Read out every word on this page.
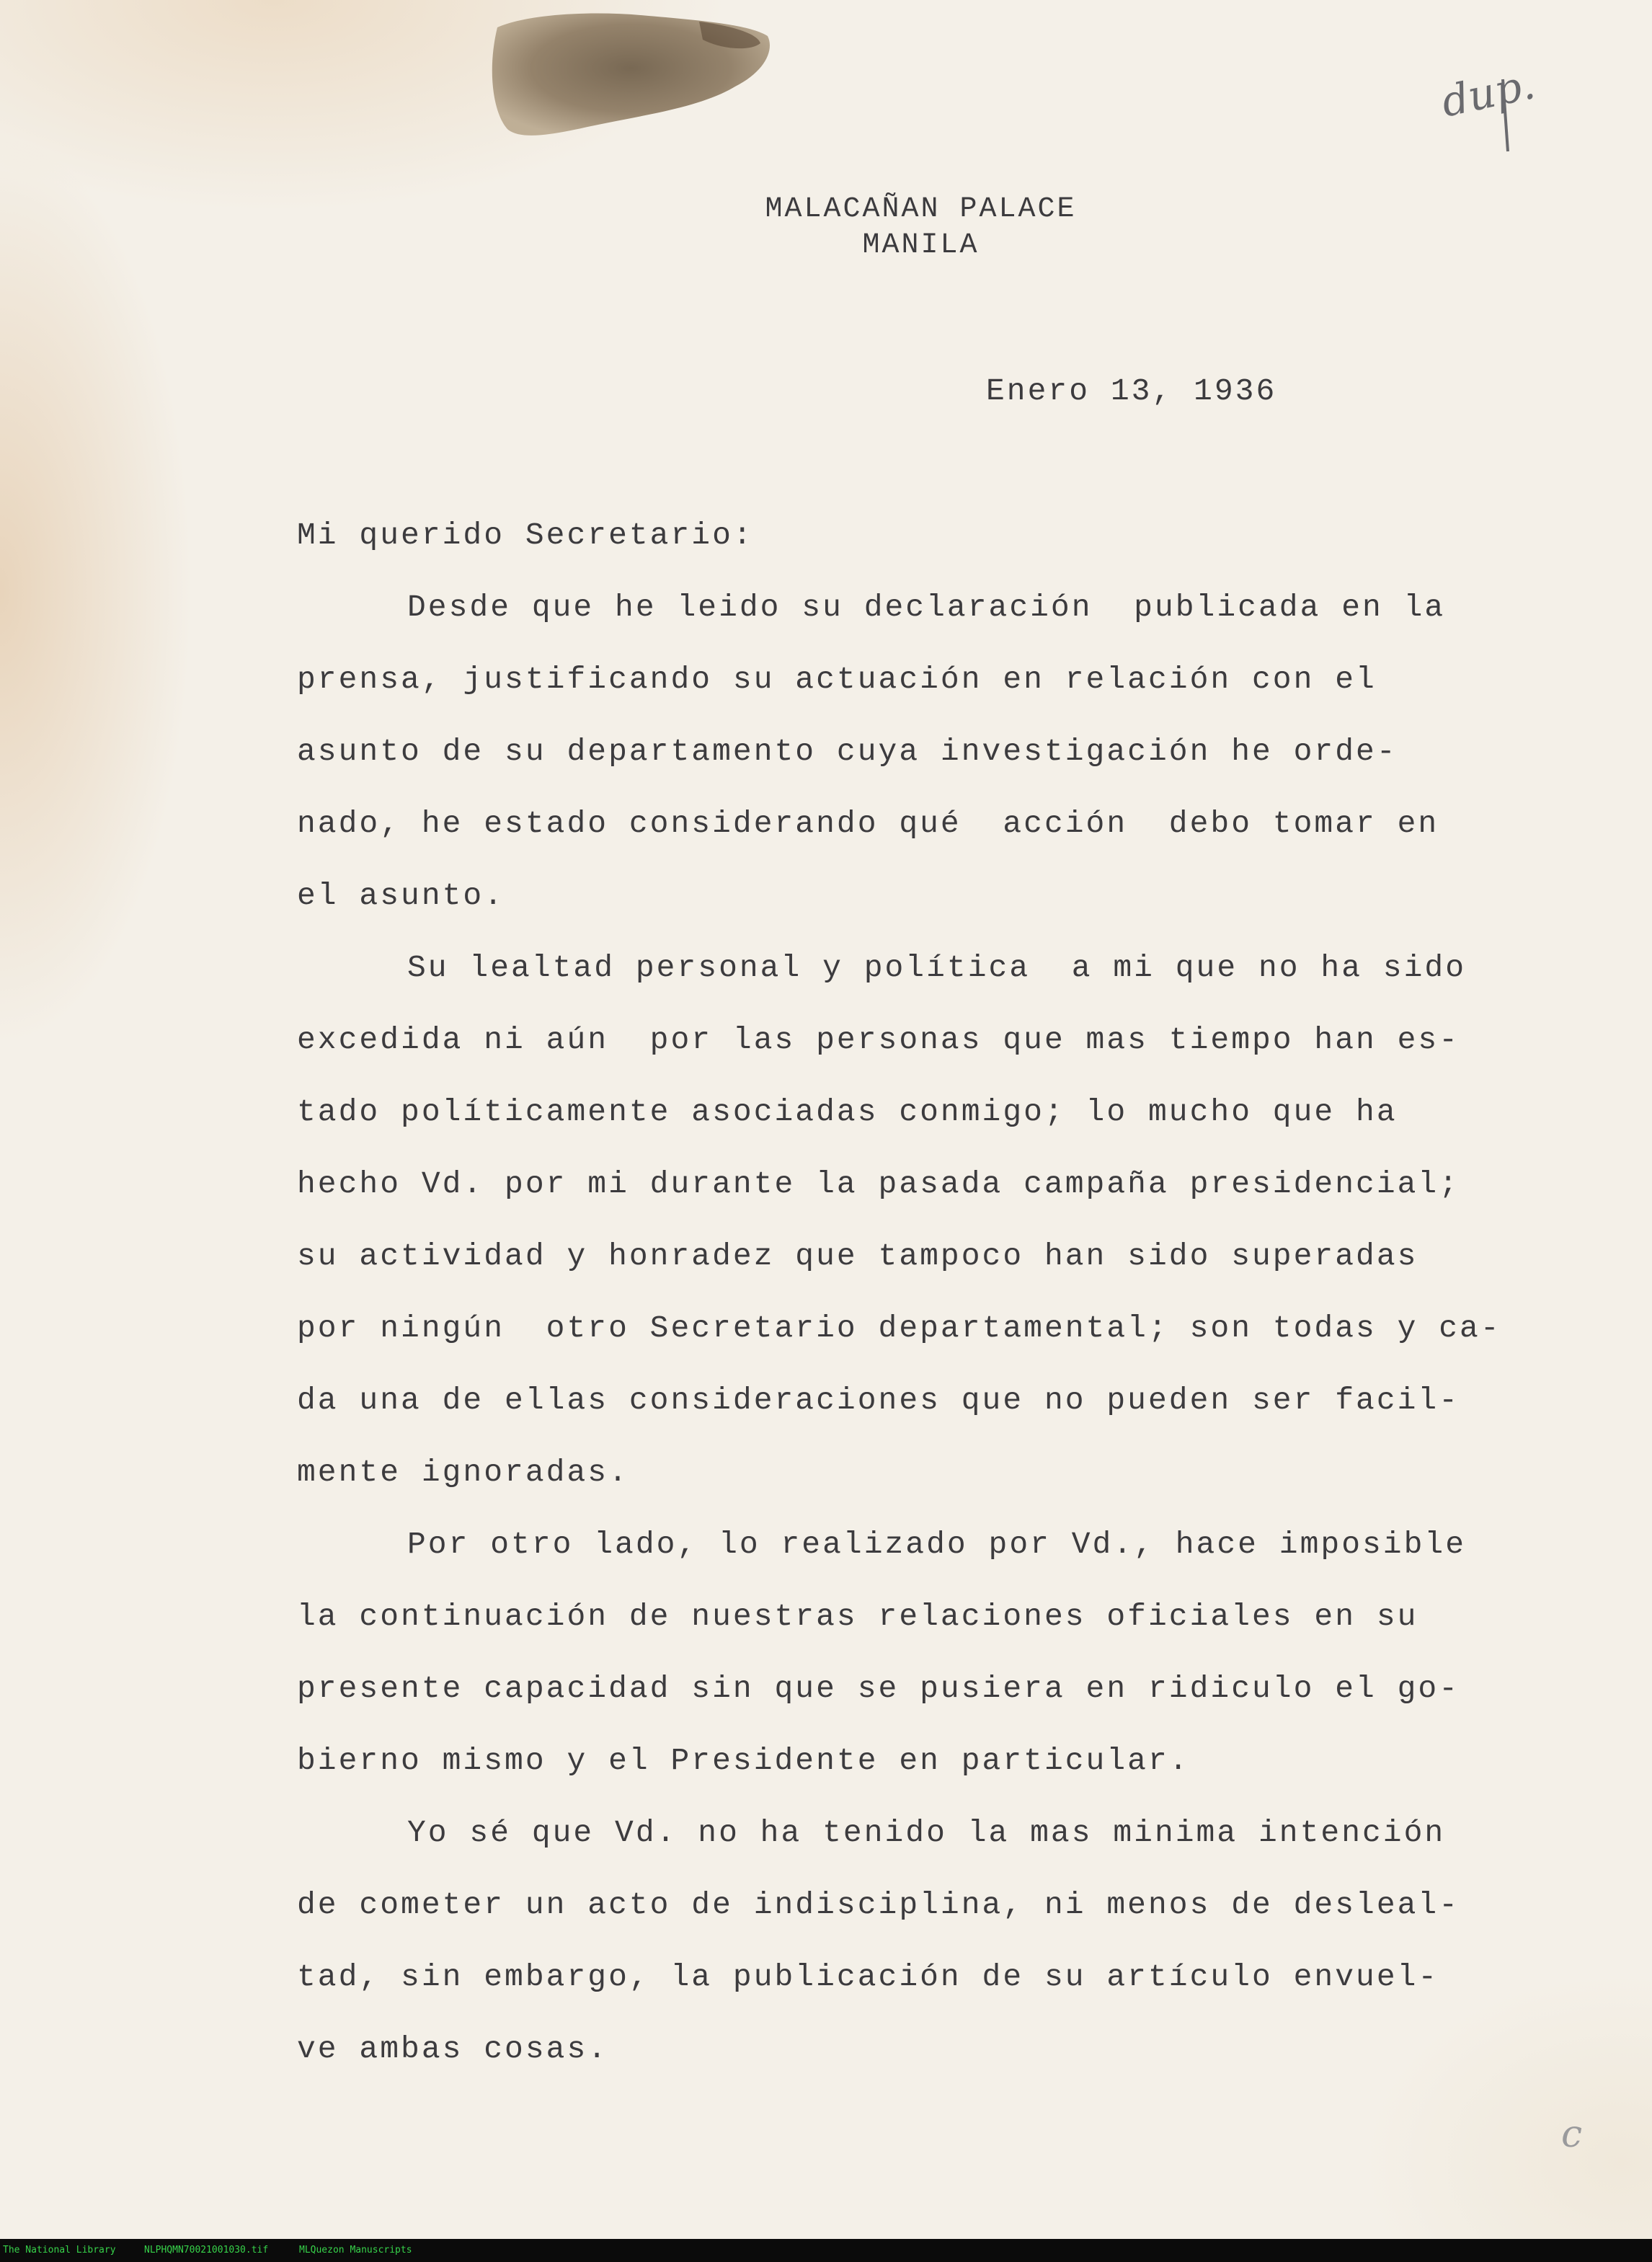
dup.
c
MALACAÑAN PALACE
MANILA
Enero 13, 1936
Mi querido Secretario:
Desde que he leido su declaración  publicada en la
prensa, justificando su actuación en relación con el
asunto de su departamento cuya investigación he orde-
nado, he estado considerando qué  acción  debo tomar en
el asunto.
Su lealtad personal y política  a mi que no ha sido
excedida ni aún  por las personas que mas tiempo han es-
tado políticamente asociadas conmigo; lo mucho que ha
hecho Vd. por mi durante la pasada campaña presidencial;
su actividad y honradez que tampoco han sido superadas
por ningún  otro Secretario departamental; son todas y ca-
da una de ellas consideraciones que no pueden ser facil-
mente ignoradas.
Por otro lado, lo realizado por Vd., hace imposible
la continuación de nuestras relaciones oficiales en su
presente capacidad sin que se pusiera en ridiculo el go-
bierno mismo y el Presidente en particular.
Yo sé que Vd. no ha tenido la mas minima intención
de cometer un acto de indisciplina, ni menos de desleal-
tad, sin embargo, la publicación de su artículo envuel-
ve ambas cosas.
The National Library	NLPHQMN70021001030.tif	MLQuezon Manuscripts
